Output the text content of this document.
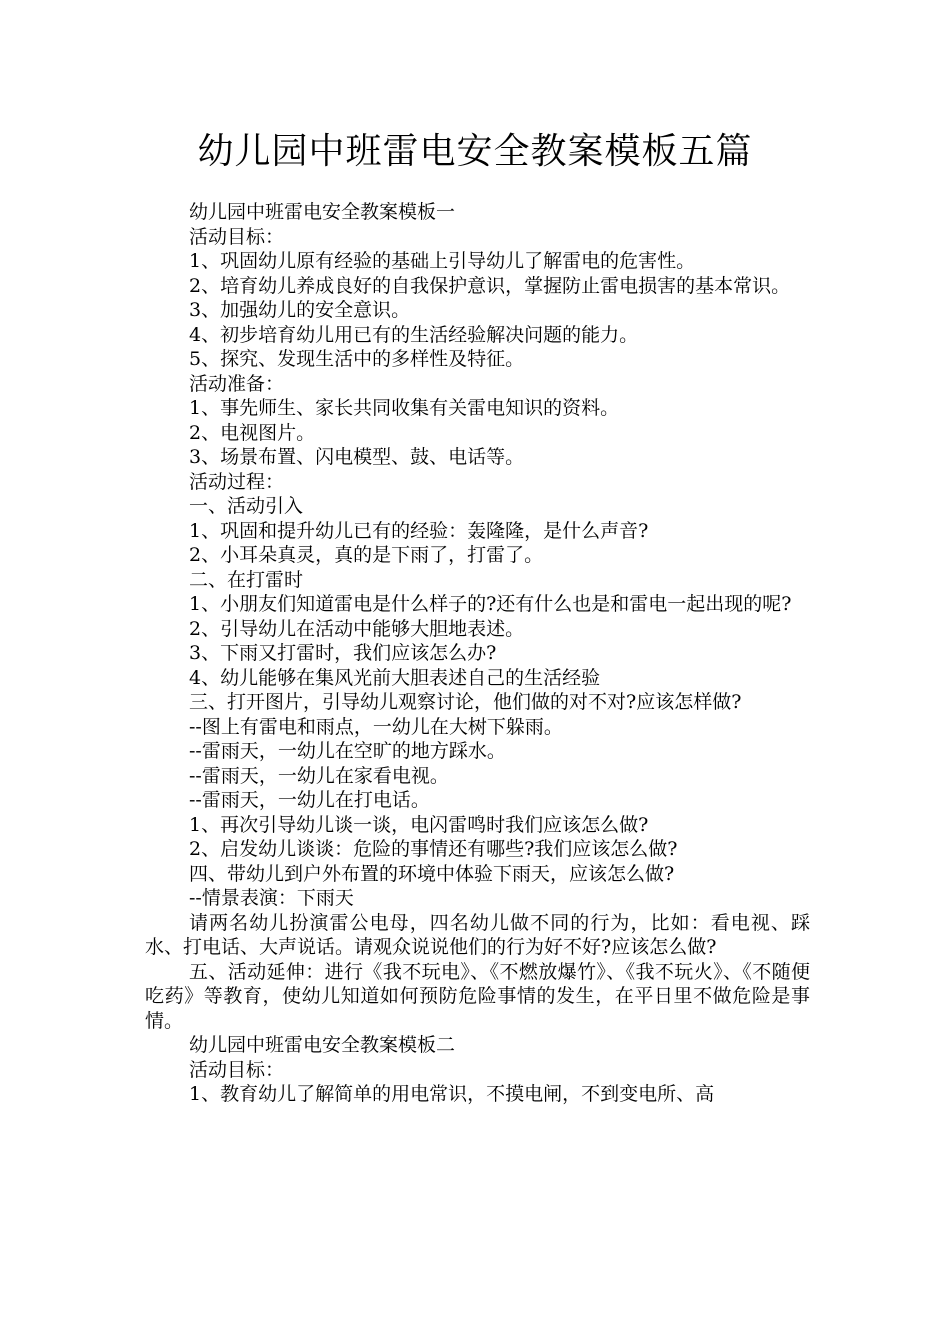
幼儿园中班雷电安全教案模板五篇

幼儿园中班雷电安全教案模板一

活动目标：

1、巩固幼儿原有经验的基础上引导幼儿了解雷电的危害性。

2、培育幼儿养成良好的自我保护意识，掌握防止雷电损害的基本常识。

3、加强幼儿的安全意识。

4、初步培育幼儿用已有的生活经验解决问题的能力。

5、探究、发现生活中的多样性及特征。

活动准备：

1、事先师生、家长共同收集有关雷电知识的资料。

2、电视图片。

3、场景布置、闪电模型、鼓、电话等。

活动过程：

一、活动引入

1、巩固和提升幼儿已有的经验：轰隆隆，是什么声音?

2、小耳朵真灵，真的是下雨了，打雷了。

二、在打雷时

1、小朋友们知道雷电是什么样子的?还有什么也是和雷电一起出现的呢?

2、引导幼儿在活动中能够大胆地表述。

3、下雨又打雷时，我们应该怎么办?

4、幼儿能够在集风光前大胆表述自己的生活经验

三、打开图片，引导幼儿观察讨论，他们做的对不对?应该怎样做?

--图上有雷电和雨点，一幼儿在大树下躲雨。

--雷雨天，一幼儿在空旷的地方踩水。

--雷雨天，一幼儿在家看电视。

--雷雨天，一幼儿在打电话。

1、再次引导幼儿谈一谈，电闪雷鸣时我们应该怎么做?

2、启发幼儿谈谈：危险的事情还有哪些?我们应该怎么做?

四、带幼儿到户外布置的环境中体验下雨天，应该怎么做?

--情景表演：下雨天

请两名幼儿扮演雷公电母，四名幼儿做不同的行为，比如：看电视、踩水、打电话、大声说话。请观众说说他们的行为好不好?应该怎么做?

五、活动延伸：进行《我不玩电》、《不燃放爆竹》、《我不玩火》、《不随便吃药》等教育，使幼儿知道如何预防危险事情的发生，在平日里不做危险是事情。

幼儿园中班雷电安全教案模板二

活动目标：

1、教育幼儿了解简单的用电常识，不摸电闸，不到变电所、高
